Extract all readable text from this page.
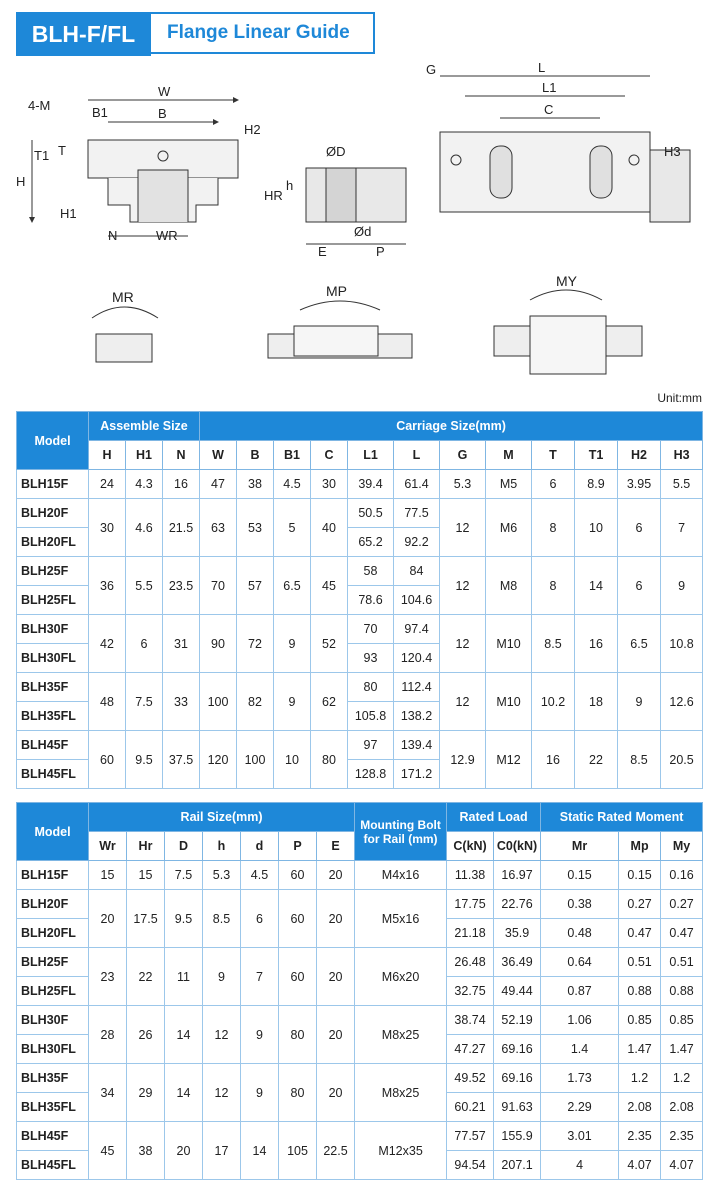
BLH-F/FL	Flange Linear Guide
4-M
W
B1	B
H2
T1 T
H
H1
N	WR
ØD
h
HR
Ød
E	P
G	L
L1
C
H3
MR	MP
MY
Unit:mm
Model	Assemble Size			Carriage Size(mm)											
	H	H1	N	W	B	B1	C	L1	L	G	M	T	T1	H2	H3
BLH15F	24	4.3	16	47	38	4.5	30	39.4	61.4	5.3	M5	6	8.9	3.95	5.5
BLH20F	30	4.6	21.5	63	53	5	40	50.5	77.5	12	M6	8	10	6	7
BLH20FL								65.2	92.2						
BLH25F	36	5.5	23.5	70	57	6.5	45	58	84	12	M8	8	14	6	9
BLH25FL								78.6	104.6						
BLH30F	42	6	31	90	72	9	52	70	97.4	12	M10	8.5	16	6.5	10.8
BLH30FL								93	120.4						
BLH35F	48	7.5	33	100	82	9	62	80	112.4	12	M10	10.2	18	9	12.6
BLH35FL								105.8	138.2						
BLH45F	60	9.5	37.5	120	100	10	80	97	139.4	12.9	M12	16	22	8.5	20.5
BLH45FL								128.8	171.2						
Model	Rail Size(mm)							Mounting Bolt for Rail (mm)	Rated Load		Static Rated Moment		
	Wr	Hr	D	h	d	P	E		C(kN)	C0(kN)	Mr	Mp	My
BLH15F	15	15	7.5	5.3	4.5	60	20	M4x16	11.38	16.97	0.15	0.15	0.16
BLH20F	20	17.5	9.5	8.5	6	60	20	M5x16	17.75	22.76	0.38	0.27	0.27
BLH20FL									21.18	35.9	0.48	0.47	0.47
BLH25F	23	22	11	9	7	60	20	M6x20	26.48	36.49	0.64	0.51	0.51
BLH25FL									32.75	49.44	0.87	0.88	0.88
BLH30F	28	26	14	12	9	80	20	M8x25	38.74	52.19	1.06	0.85	0.85
BLH30FL									47.27	69.16	1.4	1.47	1.47
BLH35F	34	29	14	12	9	80	20	M8x25	49.52	69.16	1.73	1.2	1.2
BLH35FL									60.21	91.63	2.29	2.08	2.08
BLH45F	45	38	20	17	14	105	22.5	M12x35	77.57	155.9	3.01	2.35	2.35
BLH45FL									94.54	207.1	4	4.07	4.07
